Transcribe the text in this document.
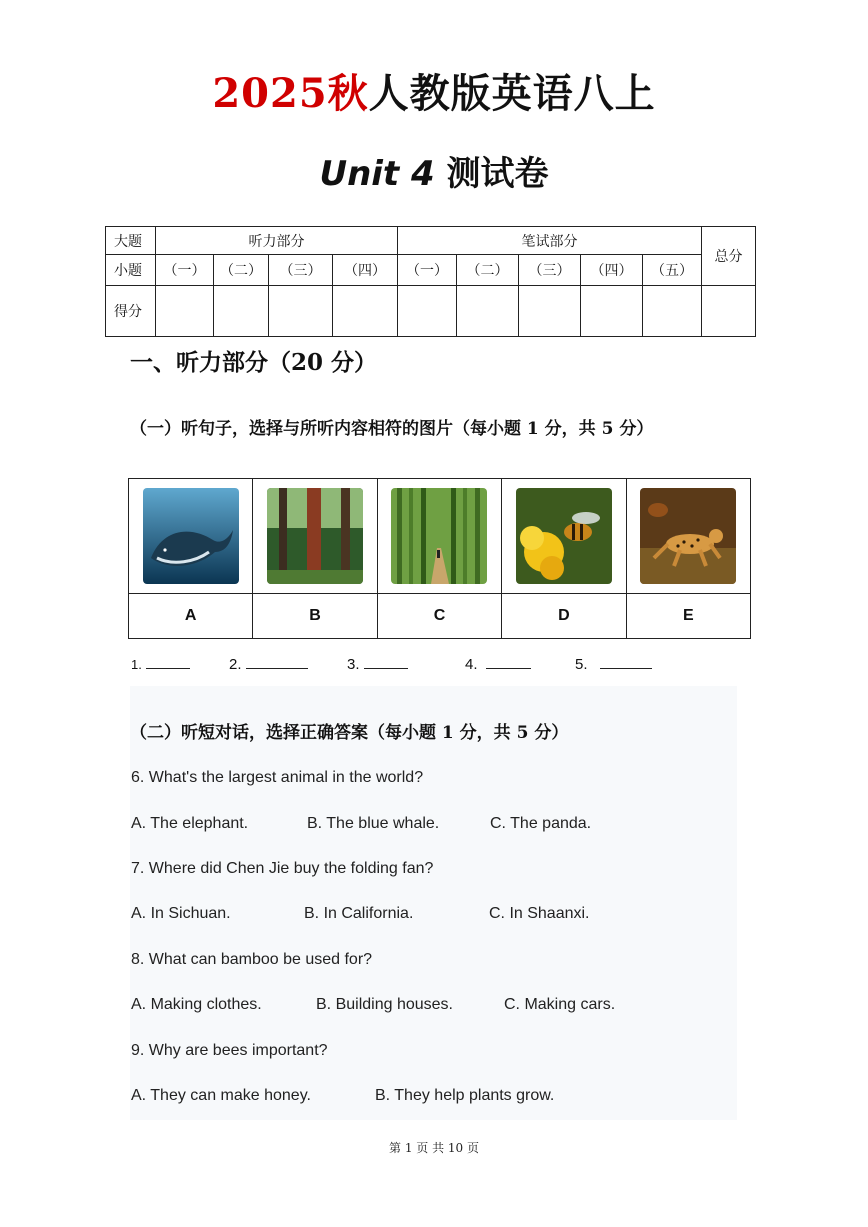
2025秋人教版英语八上
Unit 4 测试卷
大题	听力部分				笔试部分					总分
小题	（一）	（二）	（三）	（四）	（一）	（二）	（三）	（四）	（五）	
得分										
一、听力部分（20 分）
（一）听句子，选择与所听内容相符的图片（每小题 1 分，共 5 分）

A	B	C	D	E
1.	2.	3.	4.	5.
（二）听短对话，选择正确答案（每小题 1 分，共 5 分）
6. What's the largest animal in the world?
A. The elephant.	B. The blue whale.	C. The panda.
7. Where did Chen Jie buy the folding fan?
A. In Sichuan.	B. In California.	C. In Shaanxi.
8. What can bamboo be used for?
A. Making clothes.	B. Building houses.	C. Making cars.
9. Why are bees important?
A. They can make honey.	B. They help plants grow.
第 1 页 共 10 页
